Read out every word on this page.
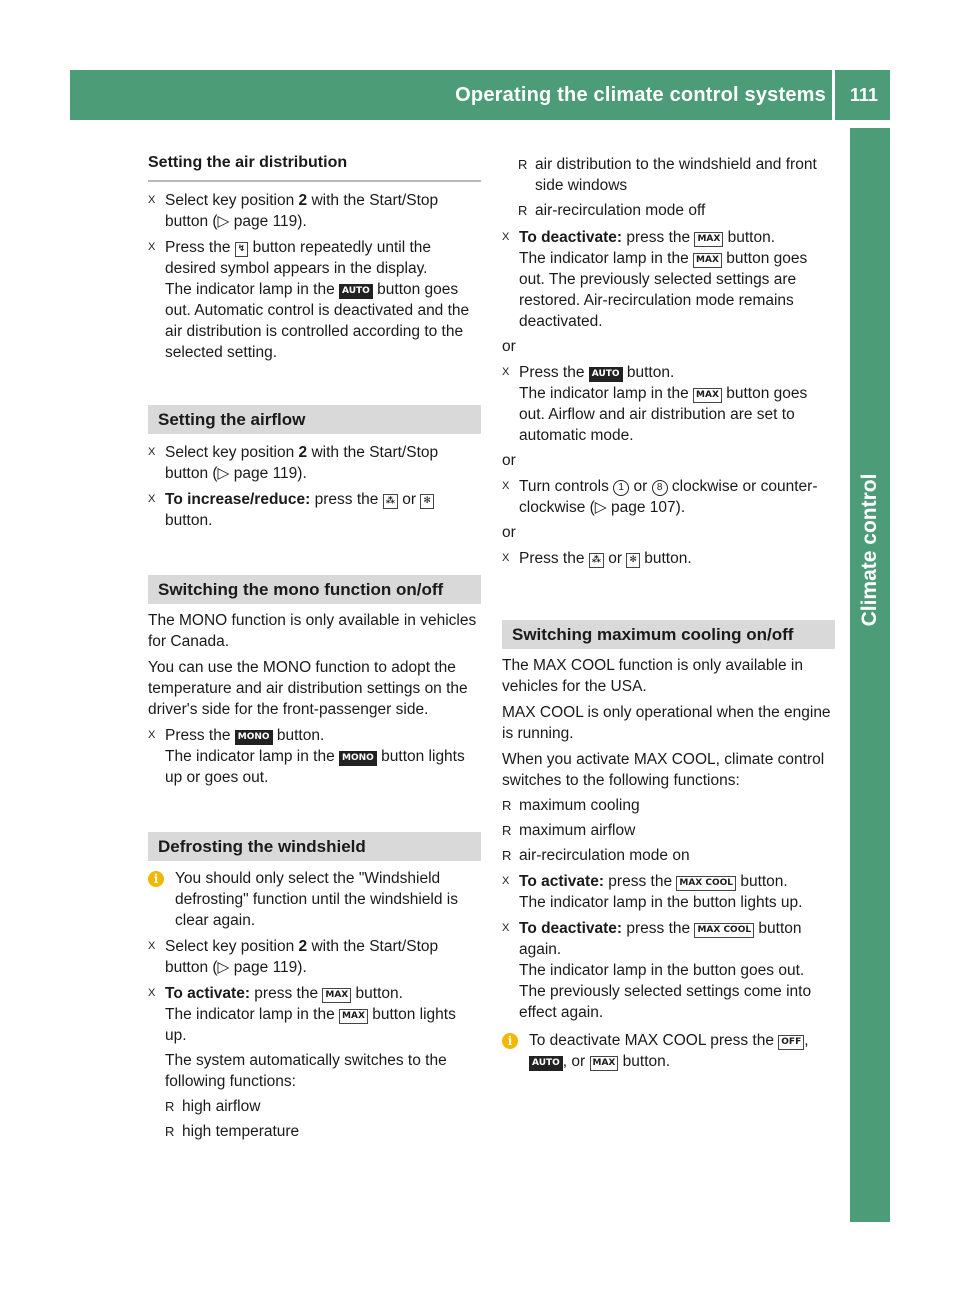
Operating the climate control systems	111
Climate control
Setting the air distribution
X Select key position 2 with the Start/Stop button (▷ page 119).
X Press the ↯ button repeatedly until the desired symbol appears in the display.
The indicator lamp in the AUTO button goes out. Automatic control is deactivated and the air distribution is controlled according to the selected setting.
Setting the airflow
X Select key position 2 with the Start/Stop button (▷ page 119).
X To increase/reduce: press the ⁂ or ✻ button.
Switching the mono function on/off

The MONO function is only available in vehicles for Canada.

You can use the MONO function to adopt the temperature and air distribution settings on the driver's side for the front-passenger side.

X Press the MONO button.
The indicator lamp in the MONO button lights up or goes out.
Defrosting the windshield
i	You should only select the "Windshield defrosting" function until the windshield is clear again.
X Select key position 2 with the Start/Stop button (▷ page 119).
X To activate: press the MAX button.
The indicator lamp in the MAX button lights up.

The system automatically switches to the following functions:

R high airflow
R high temperature
R air distribution to the windshield and front side windows
R air-recirculation mode off
X To deactivate: press the MAX button.
The indicator lamp in the MAX button goes out. The previously selected settings are restored. Air-recirculation mode remains deactivated.

or

X Press the AUTO button.
The indicator lamp in the MAX button goes out. Airflow and air distribution are set to automatic mode.

or

X Turn controls 1 or 8 clockwise or counter-clockwise (▷ page 107).

or

X Press the ⁂ or ✻ button.
Switching maximum cooling on/off

The MAX COOL function is only available in vehicles for the USA.

MAX COOL is only operational when the engine is running.

When you activate MAX COOL, climate control switches to the following functions:

R maximum cooling
R maximum airflow
R air-recirculation mode on
X To activate: press the MAX COOL button.
The indicator lamp in the button lights up.
X To deactivate: press the MAX COOL button again.
The indicator lamp in the button goes out.
The previously selected settings come into effect again.
i	To deactivate MAX COOL press the OFF ,
AUTO , or MAX button.
